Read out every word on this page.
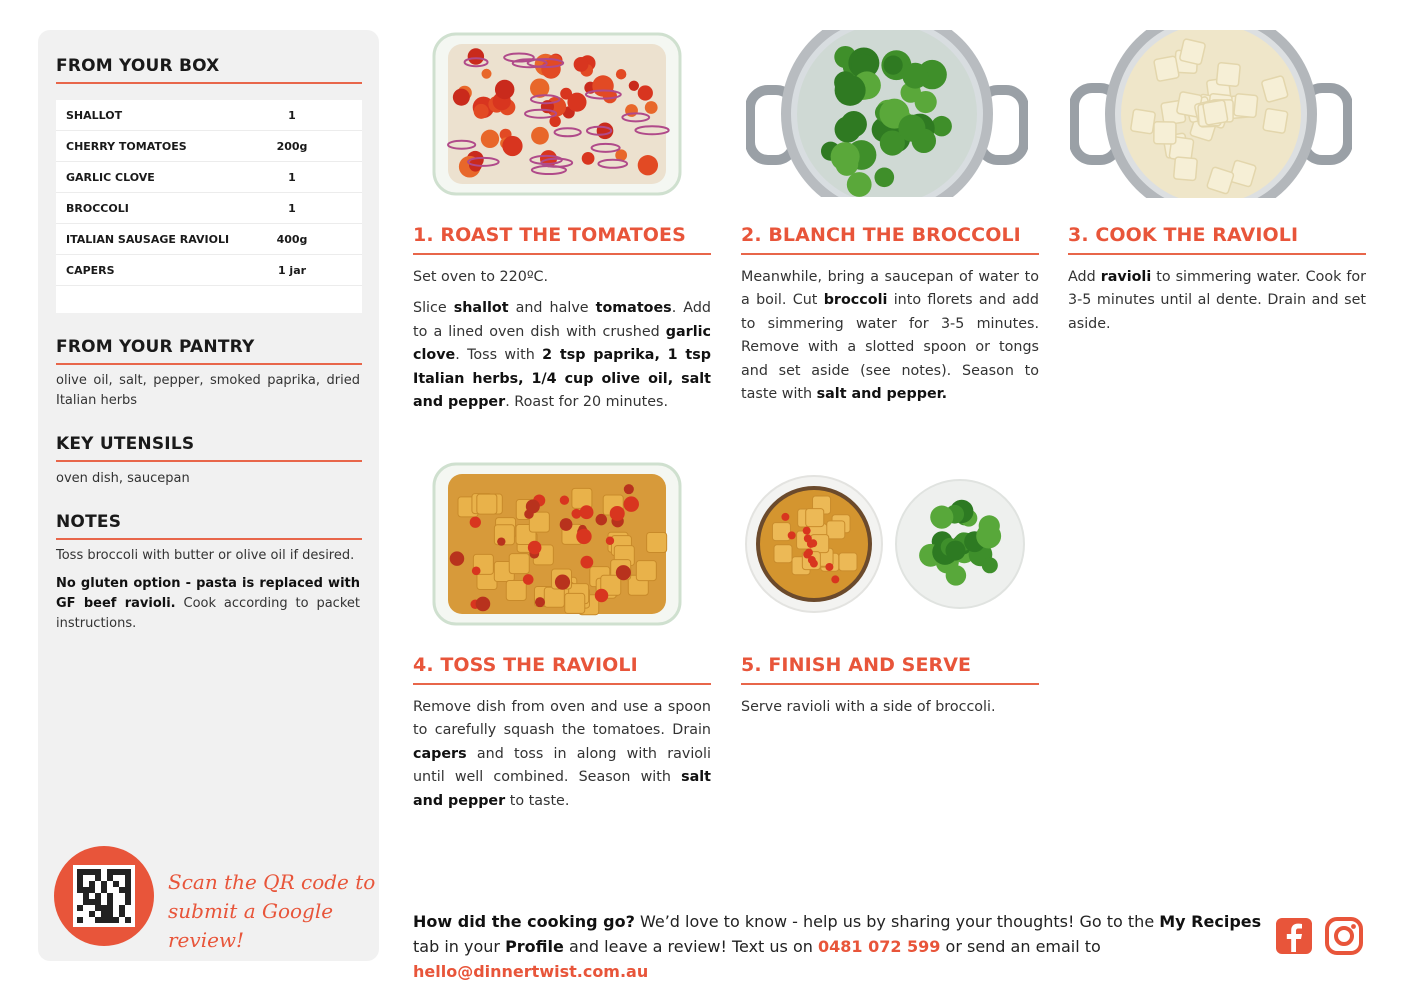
FROM YOUR BOX
SHALLOT	1
CHERRY TOMATOES	200g
GARLIC CLOVE	1
BROCCOLI	1
ITALIAN SAUSAGE RAVIOLI	400g
CAPERS	1 jar
FROM YOUR PANTRY
olive oil, salt, pepper, smoked paprika, dried Italian herbs
KEY UTENSILS
oven dish, saucepan
NOTES
Toss broccoli with butter or olive oil if desired.
No gluten option - pasta is replaced with GF beef ravioli. Cook according to packet instructions.
Scan the QR code to
submit a Google review!
1. ROAST THE TOMATOES

Set oven to 220ºC.

Slice shallot and halve tomatoes. Add to a lined oven dish with crushed garlic clove. Toss with 2 tsp paprika, 1 tsp Italian herbs, 1/4 cup olive oil, salt and pepper. Roast for 20 minutes.

2. BLANCH THE BROCCOLI

Meanwhile, bring a saucepan of water to a boil. Cut broccoli into florets and add to simmering water for 3-5 minutes. Remove with a slotted spoon or tongs and set aside (see notes). Season to taste with salt and pepper.

3. COOK THE RAVIOLI

Add ravioli to simmering water. Cook for 3-5 minutes until al dente. Drain and set aside.

4. TOSS THE RAVIOLI

Remove dish from oven and use a spoon to carefully squash the tomatoes. Drain capers and toss in along with ravioli until well combined. Season with salt and pepper to taste.

5. FINISH AND SERVE

Serve ravioli with a side of broccoli.

How did the cooking go? We’d love to know - help us by sharing your thoughts! Go to the My Recipes tab in your Profile and leave a review! Text us on 0481 072 599 or send an email to hello@dinnertwist.com.au
